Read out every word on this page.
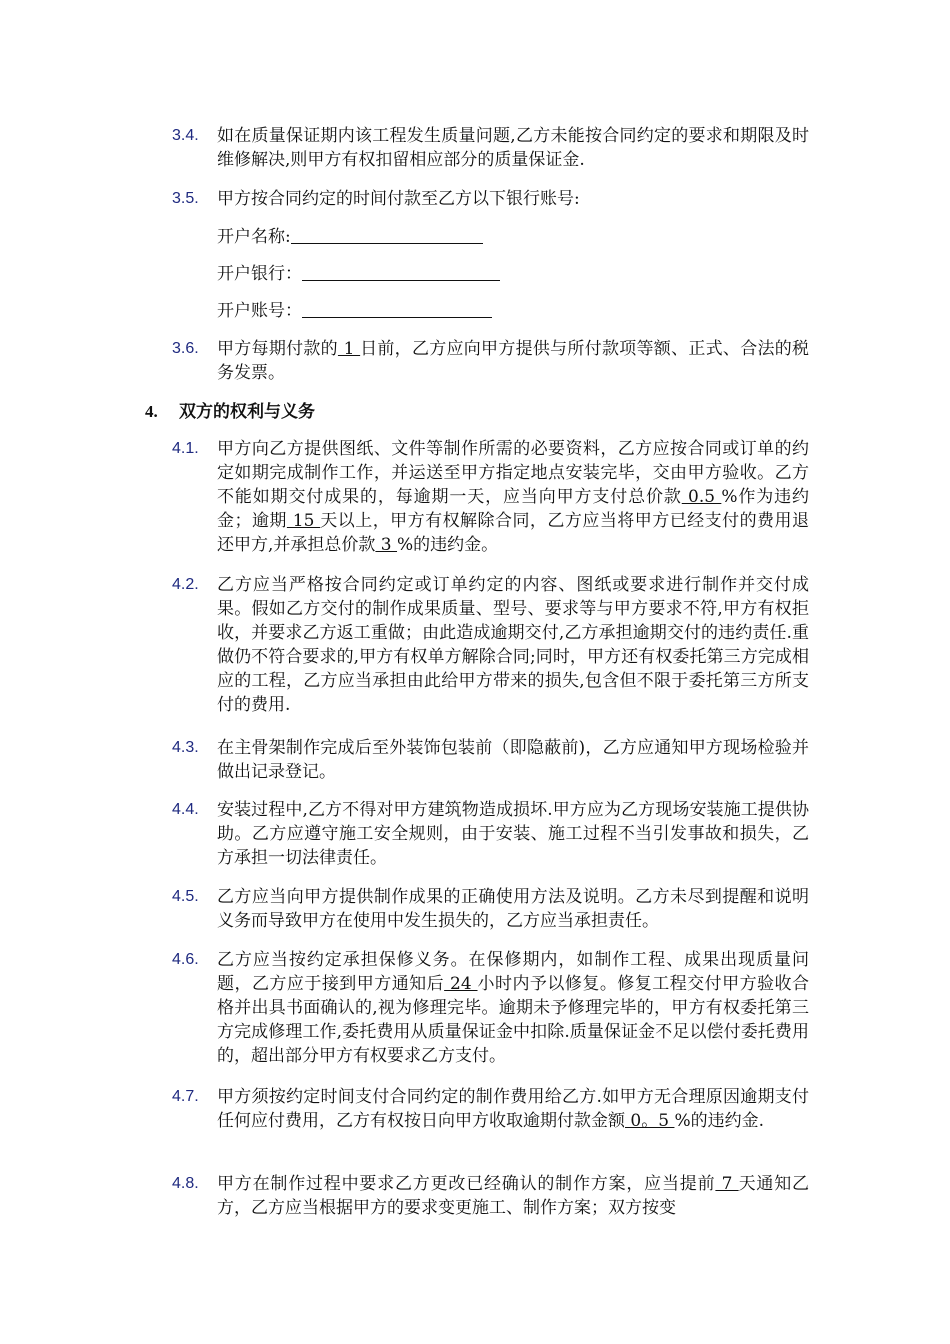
3.4.	如在质量保证期内该工程发生质量问题,乙方未能按合同约定的要求和期限及时维修解决,则甲方有权扣留相应部分的质量保证金.
3.5.	甲方按合同约定的时间付款至乙方以下银行账号:
开户名称:
开户银行：
开户账号：
3.6.	甲方每期付款的 1 日前，乙方应向甲方提供与所付款项等额、正式、合法的税务发票。
4. 双方的权利与义务
4.1.	甲方向乙方提供图纸、文件等制作所需的必要资料，乙方应按合同或订单的约定如期完成制作工作，并运送至甲方指定地点安装完毕，交由甲方验收。乙方不能如期交付成果的，每逾期一天，应当向甲方支付总价款 0.5 %作为违约金；逾期 15 天以上，甲方有权解除合同，乙方应当将甲方已经支付的费用退还甲方,并承担总价款 3 %的违约金。
4.2.	乙方应当严格按合同约定或订单约定的内容、图纸或要求进行制作并交付成果。假如乙方交付的制作成果质量、型号、要求等与甲方要求不符,甲方有权拒收，并要求乙方返工重做；由此造成逾期交付,乙方承担逾期交付的违约责任.重做仍不符合要求的,甲方有权单方解除合同;同时，甲方还有权委托第三方完成相应的工程，乙方应当承担由此给甲方带来的损失,包含但不限于委托第三方所支付的费用.
4.3.	在主骨架制作完成后至外装饰包装前（即隐蔽前)，乙方应通知甲方现场检验并做出记录登记。
4.4.	安装过程中,乙方不得对甲方建筑物造成损坏.甲方应为乙方现场安装施工提供协助。乙方应遵守施工安全规则，由于安装、施工过程不当引发事故和损失，乙方承担一切法律责任。
4.5.	乙方应当向甲方提供制作成果的正确使用方法及说明。乙方未尽到提醒和说明义务而导致甲方在使用中发生损失的，乙方应当承担责任。
4.6.	乙方应当按约定承担保修义务。在保修期内，如制作工程、成果出现质量问题，乙方应于接到甲方通知后 24 小时内予以修复。修复工程交付甲方验收合格并出具书面确认的,视为修理完毕。逾期未予修理完毕的，甲方有权委托第三方完成修理工作,委托费用从质量保证金中扣除.质量保证金不足以偿付委托费用的，超出部分甲方有权要求乙方支付。
4.7.	甲方须按约定时间支付合同约定的制作费用给乙方.如甲方无合理原因逾期支付任何应付费用，乙方有权按日向甲方收取逾期付款金额 0。5 %的违约金.
4.8.	甲方在制作过程中要求乙方更改已经确认的制作方案，应当提前 7 天通知乙方，乙方应当根据甲方的要求变更施工、制作方案；双方按变
